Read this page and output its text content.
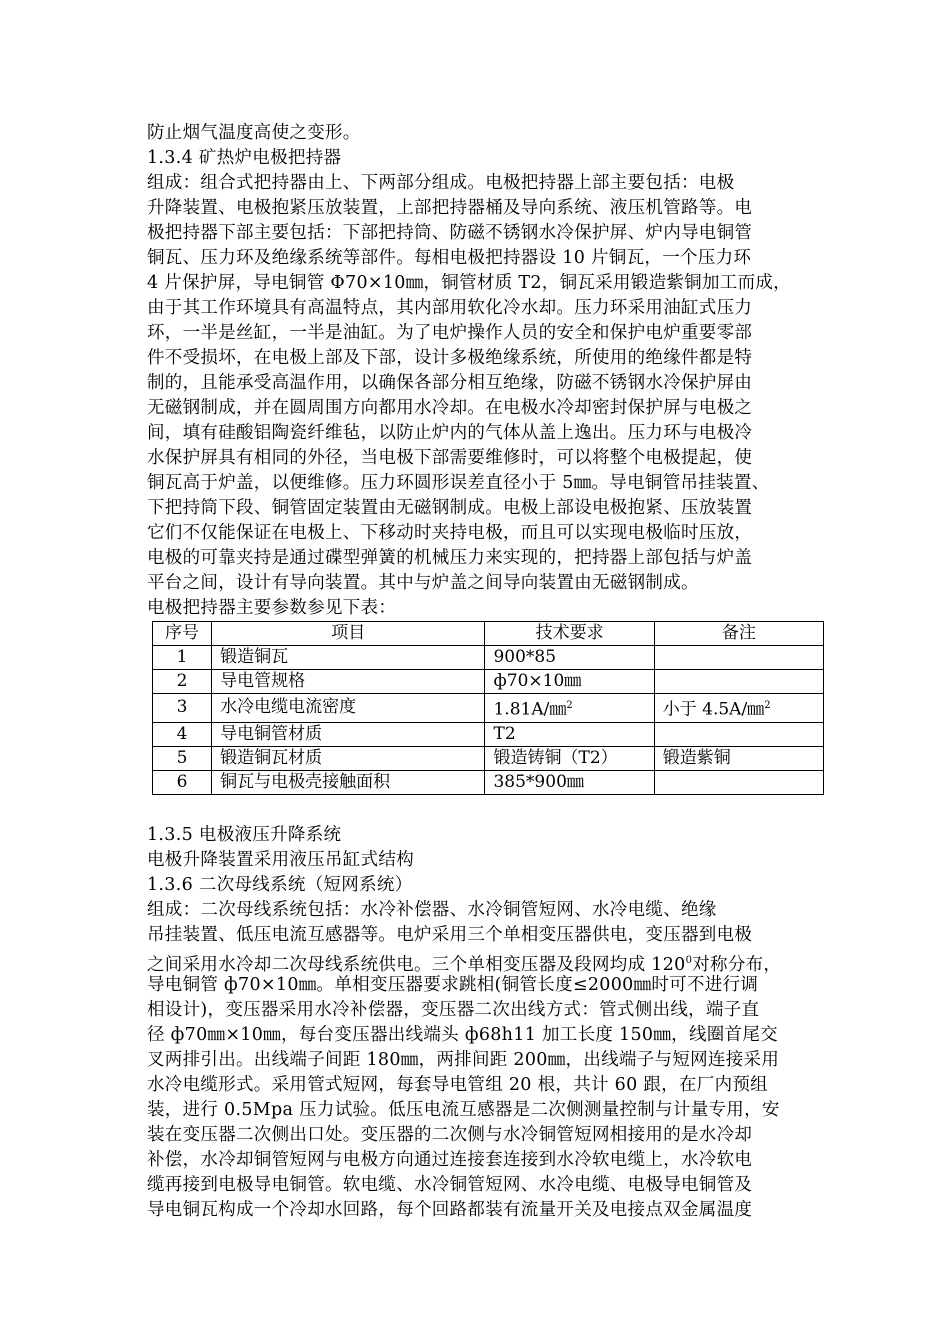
防止烟气温度高使之变形。
1.3.4 矿热炉电极把持器
组成：组合式把持器由上、下两部分组成。电极把持器上部主要包括：电极
升降装置、电极抱紧压放装置，上部把持器桶及导向系统、液压机管路等。电
极把持器下部主要包括：下部把持筒、防磁不锈钢水冷保护屏、炉内导电铜管
铜瓦、压力环及绝缘系统等部件。每相电极把持器设 10 片铜瓦，一个压力环
4 片保护屏，导电铜管 Φ70×10㎜，铜管材质 T2，铜瓦采用锻造紫铜加工而成，
由于其工作环境具有高温特点，其内部用软化冷水却。压力环采用油缸式压力
环，一半是丝缸，一半是油缸。为了电炉操作人员的安全和保护电炉重要零部
件不受损坏，在电极上部及下部，设计多极绝缘系统，所使用的绝缘件都是特
制的，且能承受高温作用，以确保各部分相互绝缘，防磁不锈钢水冷保护屏由
无磁钢制成，并在圆周围方向都用水冷却。在电极水冷却密封保护屏与电极之
间，填有硅酸铝陶瓷纤维毡，以防止炉内的气体从盖上逸出。压力环与电极冷
水保护屏具有相同的外径，当电极下部需要维修时，可以将整个电极提起，使
铜瓦高于炉盖，以便维修。压力环圆形误差直径小于 5㎜。导电铜管吊挂装置、
下把持筒下段、铜管固定装置由无磁钢制成。电极上部设电极抱紧、压放装置
它们不仅能保证在电极上、下移动时夹持电极，而且可以实现电极临时压放，
电极的可靠夹持是通过碟型弹簧的机械压力来实现的，把持器上部包括与炉盖
平台之间，设计有导向装置。其中与炉盖之间导向装置由无磁钢制成。
电极把持器主要参数参见下表：
序号	项目	技术要求	备注
1	锻造铜瓦	900*85	
2	导电管规格	ф70×10㎜	
3	水冷电缆电流密度	1.81A/㎜$^2$	小于 4.5A/㎜$^2$
4	导电铜管材质	T2	
5	锻造铜瓦材质	锻造铸铜（T2）	锻造紫铜
6	铜瓦与电极壳接触面积	385*900㎜	
1.3.5 电极液压升降系统
电极升降装置采用液压吊缸式结构
1.3.6 二次母线系统（短网系统）
组成：二次母线系统包括：水冷补偿器、水冷铜管短网、水冷电缆、绝缘
吊挂装置、低压电流互感器等。电炉采用三个单相变压器供电，变压器到电极
之间采用水冷却二次母线系统供电。三个单相变压器及段网均成 $120^0$对称分布，
导电铜管 ф70×10㎜。单相变压器要求跳相(铜管长度≤2000㎜时可不进行调
相设计)，变压器采用水冷补偿器，变压器二次出线方式：管式侧出线，端子直
径 ф70㎜×10㎜，每台变压器出线端头 ф68h11 加工长度 150㎜，线圈首尾交
叉两排引出。出线端子间距 180㎜，两排间距 200㎜，出线端子与短网连接采用
水冷电缆形式。采用管式短网，每套导电管组 20 根，共计 60 跟，在厂内预组
装，进行 0.5Mpa 压力试验。低压电流互感器是二次侧测量控制与计量专用，安
装在变压器二次侧出口处。变压器的二次侧与水冷铜管短网相接用的是水冷却
补偿，水冷却铜管短网与电极方向通过连接套连接到水冷软电缆上，水冷软电
缆再接到电极导电铜管。软电缆、水冷铜管短网、水冷电缆、电极导电铜管及
导电铜瓦构成一个冷却水回路，每个回路都装有流量开关及电接点双金属温度
